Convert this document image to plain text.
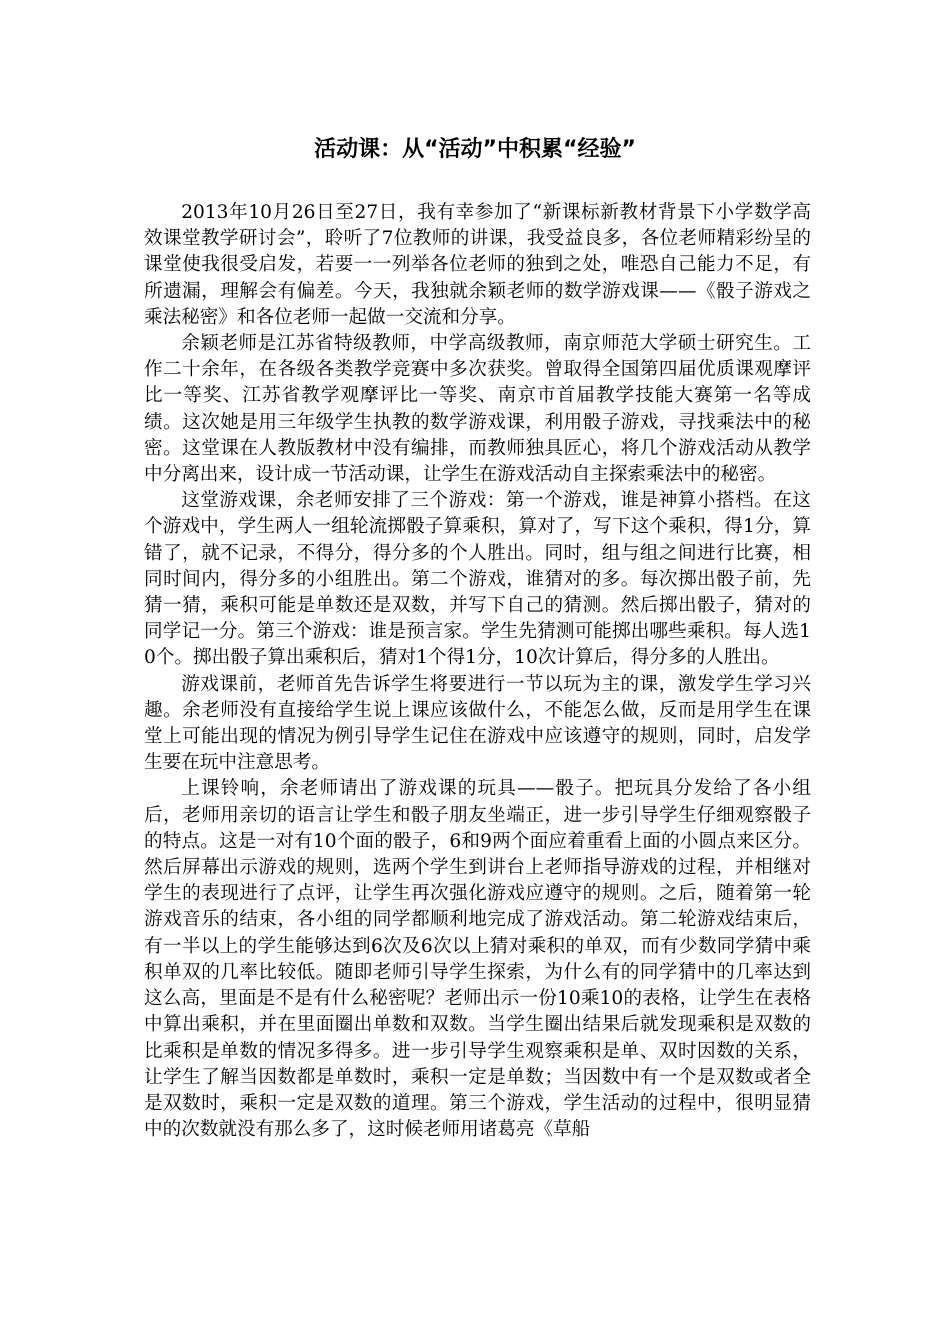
活动课：从“活动”中积累“经验”

2013年10月26日至27日，我有幸参加了“新课标新教材背景下小学数学高效课堂教学研讨会”，聆听了7位教师的讲课，我受益良多，各位老师精彩纷呈的课堂使我很受启发，若要一一列举各位老师的独到之处，唯恐自己能力不足，有所遗漏，理解会有偏差。今天，我独就余颖老师的数学游戏课——《骰子游戏之乘法秘密》和各位老师一起做一交流和分享。

余颖老师是江苏省特级教师，中学高级教师，南京师范大学硕士研究生。工作二十余年，在各级各类教学竞赛中多次获奖。曾取得全国第四届优质课观摩评比一等奖、江苏省教学观摩评比一等奖、南京市首届教学技能大赛第一名等成绩。这次她是用三年级学生执教的数学游戏课，利用骰子游戏，寻找乘法中的秘密。这堂课在人教版教材中没有编排，而教师独具匠心，将几个游戏活动从教学中分离出来，设计成一节活动课，让学生在游戏活动自主探索乘法中的秘密。

这堂游戏课，余老师安排了三个游戏：第一个游戏，谁是神算小搭档。在这个游戏中，学生两人一组轮流掷骰子算乘积，算对了，写下这个乘积，得1分，算错了，就不记录，不得分，得分多的个人胜出。同时，组与组之间进行比赛，相同时间内，得分多的小组胜出。第二个游戏，谁猜对的多。每次掷出骰子前，先猜一猜，乘积可能是单数还是双数，并写下自己的猜测。然后掷出骰子，猜对的同学记一分。第三个游戏：谁是预言家。学生先猜测可能掷出哪些乘积。每人选10个。掷出骰子算出乘积后，猜对1个得1分，10次计算后，得分多的人胜出。

游戏课前，老师首先告诉学生将要进行一节以玩为主的课，激发学生学习兴趣。余老师没有直接给学生说上课应该做什么，不能怎么做，反而是用学生在课堂上可能出现的情况为例引导学生记住在游戏中应该遵守的规则，同时，启发学生要在玩中注意思考。

上课铃响，余老师请出了游戏课的玩具——骰子。把玩具分发给了各小组后，老师用亲切的语言让学生和骰子朋友坐端正，进一步引导学生仔细观察骰子的特点。这是一对有10个面的骰子，6和9两个面应着重看上面的小圆点来区分。然后屏幕出示游戏的规则，选两个学生到讲台上老师指导游戏的过程，并相继对学生的表现进行了点评，让学生再次强化游戏应遵守的规则。之后，随着第一轮游戏音乐的结束，各小组的同学都顺利地完成了游戏活动。第二轮游戏结束后，有一半以上的学生能够达到6次及6次以上猜对乘积的单双，而有少数同学猜中乘积单双的几率比较低。随即老师引导学生探索，为什么有的同学猜中的几率达到这么高，里面是不是有什么秘密呢？老师出示一份10乘10的表格，让学生在表格中算出乘积，并在里面圈出单数和双数。当学生圈出结果后就发现乘积是双数的比乘积是单数的情况多得多。进一步引导学生观察乘积是单、双时因数的关系，让学生了解当因数都是单数时，乘积一定是单数；当因数中有一个是双数或者全是双数时，乘积一定是双数的道理。第三个游戏，学生活动的过程中，很明显猜中的次数就没有那么多了，这时候老师用诸葛亮《草船
